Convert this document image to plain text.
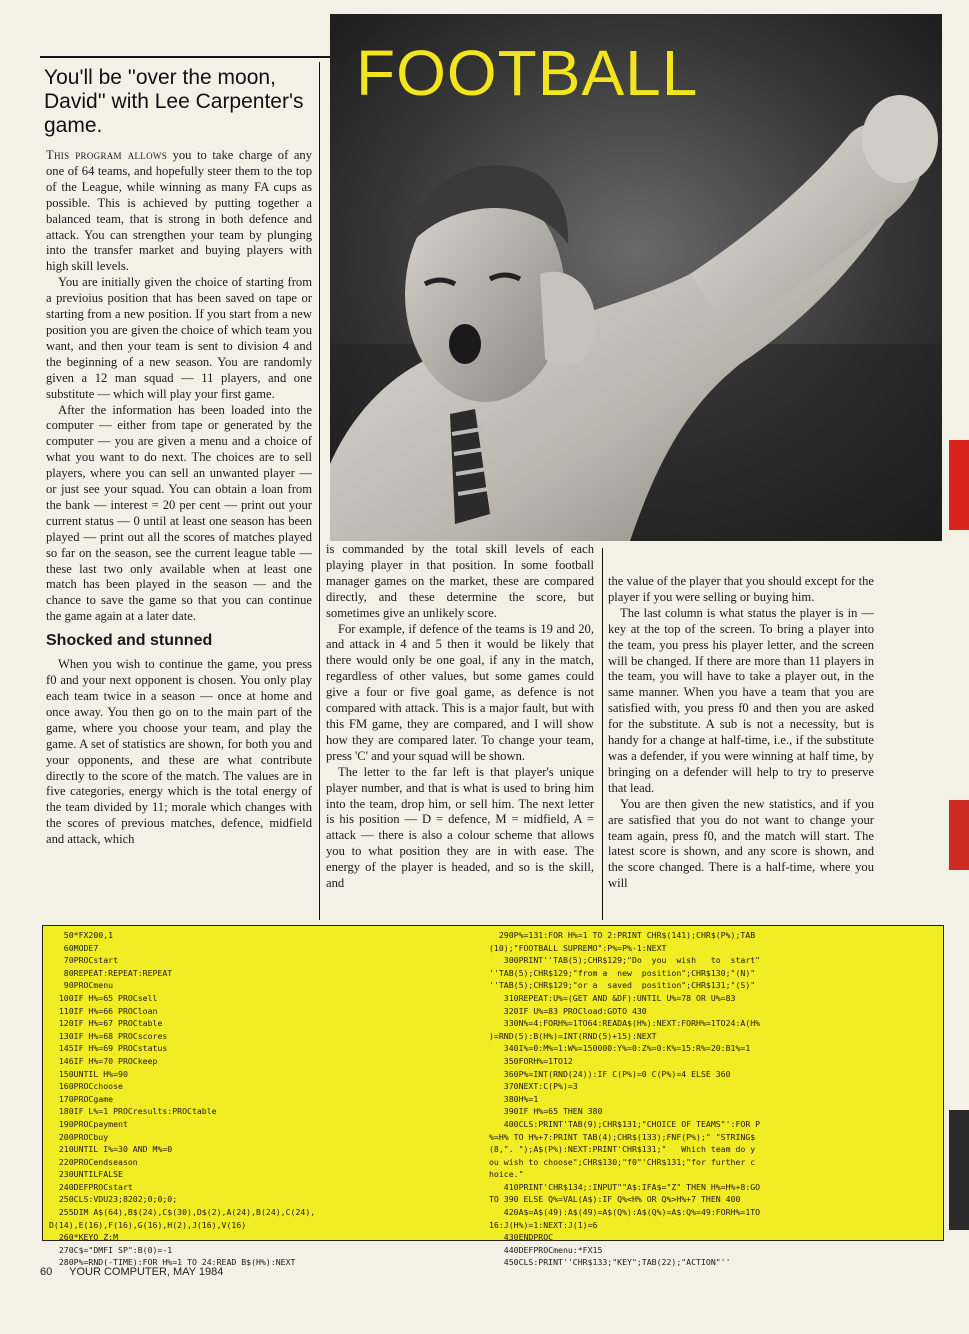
You'll be ''over the moon, David'' with Lee Carpenter's game.
FOOTBALL

This program allows you to take charge of any one of 64 teams, and hopefully steer them to the top of the League, while winning as many FA cups as possible. This is achieved by putting together a balanced team, that is strong in both defence and attack. You can strengthen your team by plunging into the transfer market and buying players with high skill levels.

You are initially given the choice of starting from a previoius position that has been saved on tape or starting from a new position. If you start from a new position you are given the choice of which team you want, and then your team is sent to division 4 and the beginning of a new season. You are randomly given a 12 man squad — 11 players, and one substitute — which will play your first game.

After the information has been loaded into the computer — either from tape or generated by the computer — you are given a menu and a choice of what you want to do next. The choices are to sell players, where you can sell an unwanted player — or just see your squad. You can obtain a loan from the bank — interest = 20 per cent — print out your current status — 0 until at least one season has been played — print out all the scores of matches played so far on the season, see the current league table — these last two only available when at least one match has been played in the season — and the chance to save the game so that you can continue the game again at a later date.

Shocked and stunned

When you wish to continue the game, you press f0 and your next opponent is chosen. You only play each team twice in a season — once at home and once away. You then go on to the main part of the game, where you choose your team, and play the game. A set of statistics are shown, for both you and your opponents, and these are what contribute directly to the score of the match. The values are in five categories, energy which is the total energy of the team divided by 11; morale which changes with the scores of previous matches, defence, midfield and attack, which

is commanded by the total skill levels of each playing player in that position. In some football manager games on the market, these are compared directly, and these determine the score, but sometimes give an unlikely score.

For example, if defence of the teams is 19 and 20, and attack in 4 and 5 then it would be likely that there would only be one goal, if any in the match, regardless of other values, but some games could give a four or five goal game, as defence is not compared with attack. This is a major fault, but with this FM game, they are compared, and I will show how they are compared later. To change your team, press 'C' and your squad will be shown.

The letter to the far left is that player's unique player number, and that is what is used to bring him into the team, drop him, or sell him. The next letter is his position — D = defence, M = midfield, A = attack — there is also a colour scheme that allows you to what position they are in with ease. The energy of the player is headed, and so is the skill, and

the value of the player that you should except for the player if you were selling or buying him.

The last column is what status the player is in — key at the top of the screen. To bring a player into the team, you press his player letter, and the screen will be changed. If there are more than 11 players in the team, you will have to take a player out, in the same manner. When you have a team that you are satisfied with, you press f0 and then you are asked for the substitute. A sub is not a necessity, but is handy for a change at half-time, i.e., if the substitute was a defender, if you were winning at half time, by bringing on a defender will help to try to preserve that lead.

You are then given the new statistics, and if you are satisfied that you do not want to change your team again, press f0, and the match will start. The latest score is shown, and any score is shown, and the score changed. There is a half-time, where you will

50*FX200,1
60MODE7
70PROCstart
80REPEAT:REPEAT:REPEAT
90PROCmenu
100IF H%=65 PROCsell
110IF H%=66 PROCloan
120IF H%=67 PROCtable
130IF H%=68 PROCscores
145IF H%=69 PROCstatus
146IF H%=70 PROCkeep
150UNTIL H%=90
160PROCchoose
170PROCgame
180IF L%=1 PROCresults:PROCtable
190PROCpayment
200PROCbuy
210UNTIL I%=30 AND M%=0
220PROCendseason
230UNTILFALSE
240DEFPROCstart
250CLS:VDU23;8202;0;0;0;
255DIM A$(64),B$(24),C$(30),D$(2),A(24),B(24),C(24),
D(14),E(16),F(16),G(16),H(2),J(16),V(16)
260*KEYO Z:M
270C$="DMFI SP":B(0)=-1
280P%=RND(-TIME):FOR H%=1 TO 24:READ B$(H%):NEXT
290P%=131:FOR H%=1 TO 2:PRINT CHR$(141);CHR$(P%);TAB
(10);"FOOTBALL SUPREMO":P%=P%-1:NEXT
300PRINT''TAB(5);CHR$129;"Do  you  wish   to  start"
''TAB(5);CHR$129;"from a  new  position";CHR$130;"(N)"
''TAB(5);CHR$129;"or a  saved  position";CHR$131;"(S)"
310REPEAT:U%=(GET AND &DF):UNTIL U%=78 OR U%=83
320IF U%=83 PROCload:GOTO 430
330N%=4:FORH%=1TO64:READA$(H%):NEXT:FORH%=1TO24:A(H%
)=RND(5):B(H%)=INT(RND(5)+15):NEXT
340I%=0:M%=1:W%=150000:Y%=0:Z%=0:K%=15:R%=20:B1%=1
350FORH%=1TO12
360P%=INT(RND(24)):IF C(P%)=0 C(P%)=4 ELSE 360
370NEXT:C(P%)=3
380H%=1
390IF H%=65 THEN 380
400CLS:PRINT'TAB(9);CHR$131;"CHOICE OF TEAMS"':FOR P
%=H% TO H%+7:PRINT TAB(4);CHR$(133);FNF(P%);" "STRING$
(8,". ");A$(P%):NEXT:PRINT'CHR$131;"   Which team do y
ou wish to choose";CHR$130;"f0"'CHR$131;"for further c
hoice."
410PRINT'CHR$134;:INPUT""A$:IFA$="Z" THEN H%=H%+8:GO
TO 390 ELSE Q%=VAL(A$):IF Q%<H% OR Q%>H%+7 THEN 400
420A$=A$(49):A$(49)=A$(Q%):A$(Q%)=A$:Q%=49:FORH%=1TO
16:J(H%)=1:NEXT:J(1)=6
430ENDPROC
440DEFPROCmenu:*FX15
450CLS:PRINT''CHR$133;"KEY";TAB(22);"ACTION"''
60 YOUR COMPUTER, MAY 1984
